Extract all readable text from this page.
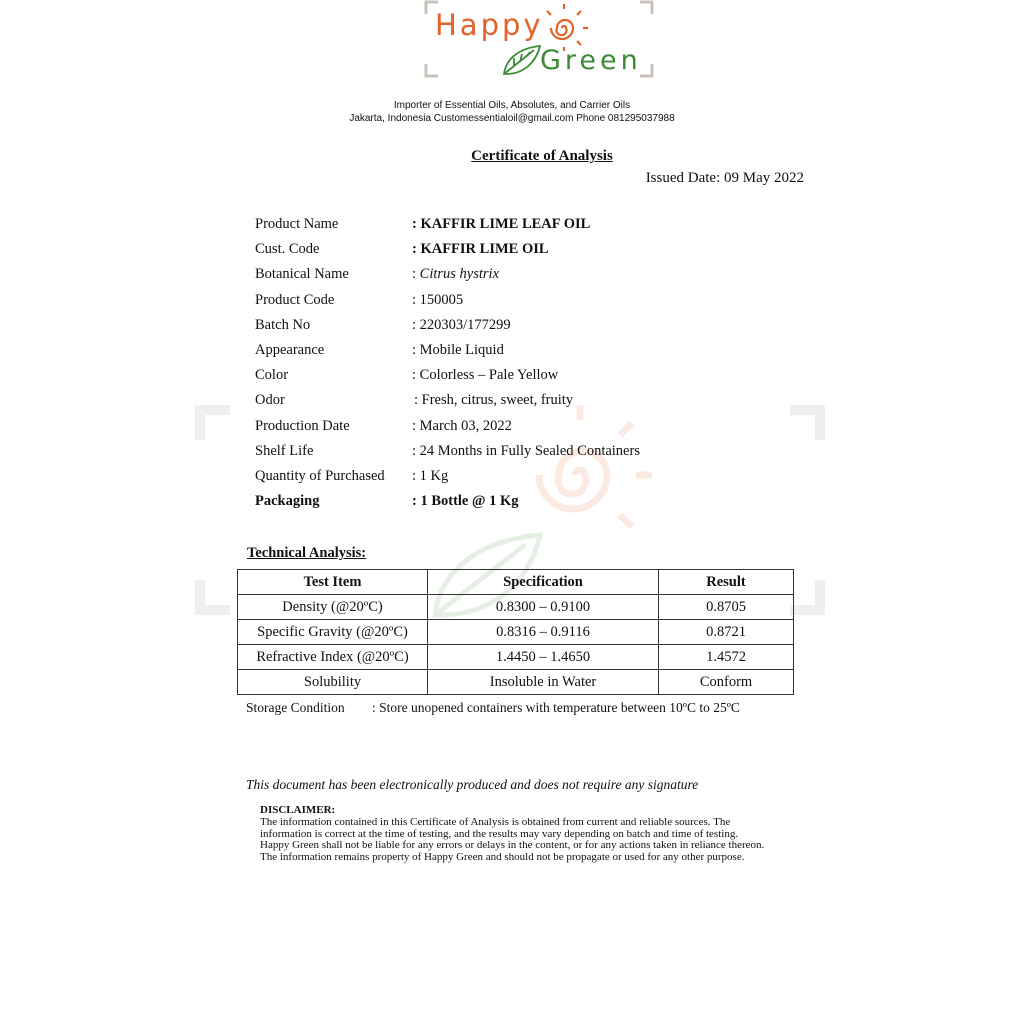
Happy
Green
Importer of Essential Oils, Absolutes, and Carrier Oils
Jakarta, Indonesia Customessentialoil@gmail.com Phone 081295037988
Certificate of Analysis
Issued Date: 09 May 2022
Product Name	: KAFFIR LIME LEAF OIL
Cust. Code	: KAFFIR LIME OIL
Botanical Name	: Citrus hystrix
Product Code	: 150005
Batch No	: 220303/177299
Appearance	: Mobile Liquid
Color	: Colorless – Pale Yellow
Odor	: Fresh, citrus, sweet, fruity
Production Date	: March 03, 2022
Shelf Life	: 24 Months in Fully Sealed Containers
Quantity of Purchased : 1 Kg
Packaging	: 1 Bottle @ 1 Kg
Technical Analysis:
Test Item	Specification	Result
Density (@20ºC)	0.8300 – 0.9100	0.8705
Specific Gravity (@20ºC)	0.8316 – 0.9116	0.8721
Refractive Index (@20ºC)	1.4450 – 1.4650	1.4572
Solubility	Insoluble in Water	Conform
Storage Condition : Store unopened containers with temperature between 10ºC to 25ºC
This document has been electronically produced and does not require any signature
DISCLAIMER:
The information contained in this Certificate of Analysis is obtained from current and reliable sources. The information is correct at the time of testing, and the results may vary depending on batch and time of testing. Happy Green shall not be liable for any errors or delays in the content, or for any actions taken in reliance thereon. The information remains property of Happy Green and should not be propagate or used for any other purpose.
